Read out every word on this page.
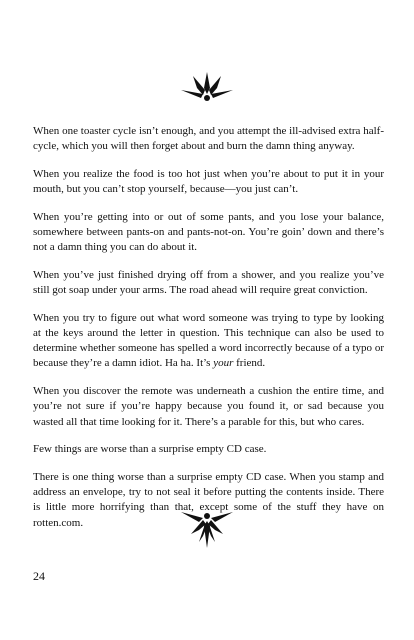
When one toaster cycle isn’t enough, and you attempt the ill-advised extra half-cycle, which you will then forget about and burn the damn thing anyway.

When you realize the food is too hot just when you’re about to put it in your mouth, but you can’t stop yourself, because—you just can’t.

When you’re getting into or out of some pants, and you lose your balance, somewhere between pants-on and pants-not-on. You’re goin’ down and there’s not a damn thing you can do about it.

When you’ve just finished drying off from a shower, and you realize you’ve still got soap under your arms. The road ahead will require great conviction.

When you try to figure out what word someone was trying to type by looking at the keys around the letter in question. This technique can also be used to determine whether someone has spelled a word incorrectly because of a typo or because they’re a damn idiot. Ha ha. It’s your friend.

When you discover the remote was underneath a cushion the entire time, and you’re not sure if you’re happy because you found it, or sad because you wasted all that time looking for it. There’s a parable for this, but who cares.

Few things are worse than a surprise empty CD case.

There is one thing worse than a surprise empty CD case. When you stamp and address an envelope, try to not seal it before putting the contents inside. There is little more horrifying than that, except some of the stuff they have on rotten.com.

24
